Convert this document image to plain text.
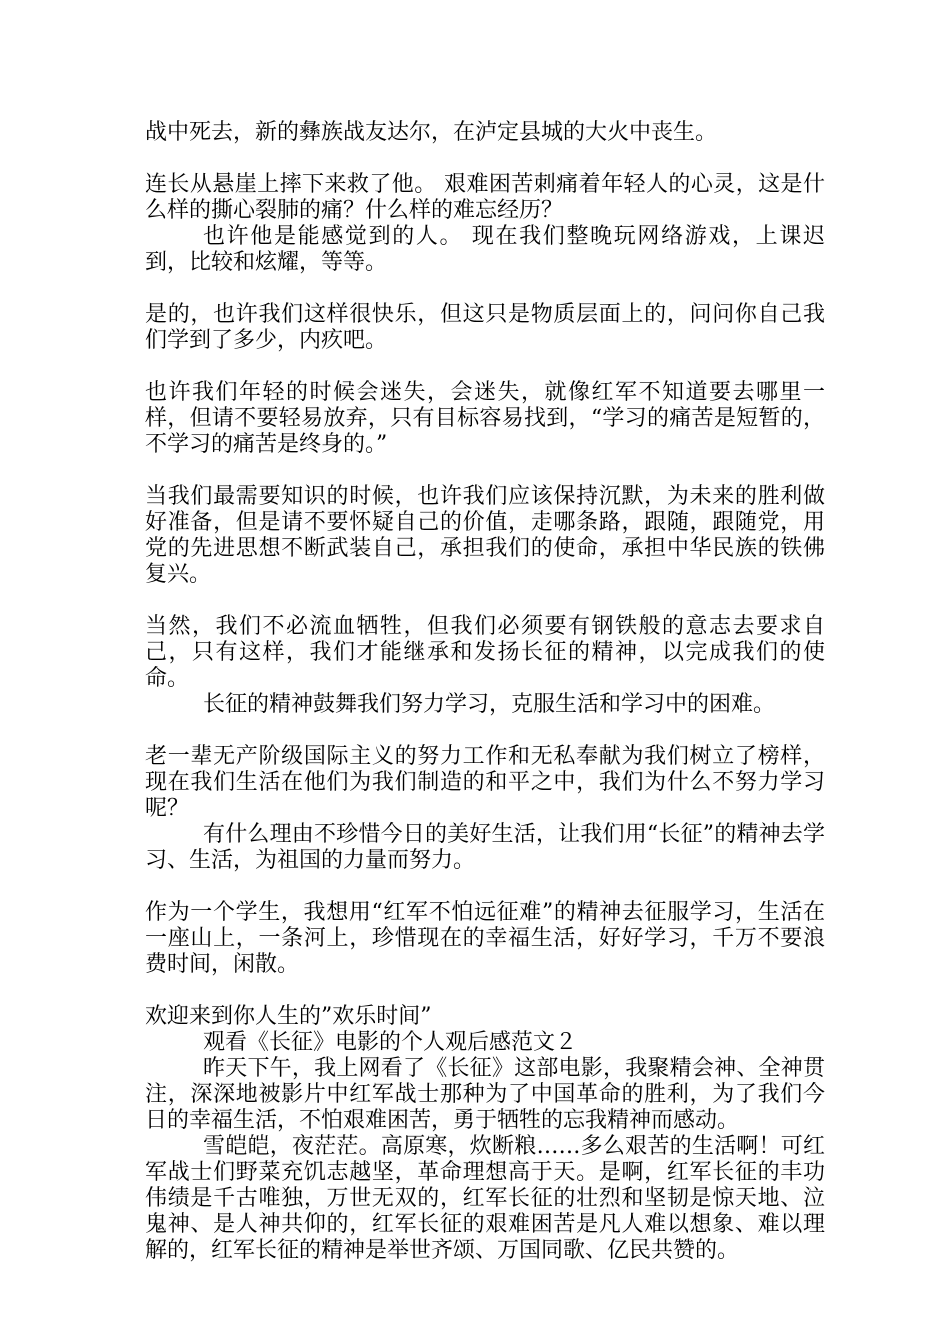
战中死去，新的彝族战友达尔，在泸定县城的大火中丧生。

连长从悬崖上摔下来救了他。 艰难困苦刺痛着年轻人的心灵，这是什么样的撕心裂肺的痛？什么样的难忘经历？

也许他是能感觉到的人。 现在我们整晚玩网络游戏，上课迟到，比较和炫耀，等等。

是的，也许我们这样很快乐，但这只是物质层面上的，问问你自己我们学到了多少，内疚吧。

也许我们年轻的时候会迷失，会迷失，就像红军不知道要去哪里一样，但请不要轻易放弃，只有目标容易找到，“学习的痛苦是短暂的，不学习的痛苦是终身的。”

当我们最需要知识的时候，也许我们应该保持沉默，为未来的胜利做好准备，但是请不要怀疑自己的价值，走哪条路，跟随，跟随党，用党的先进思想不断武装自己，承担我们的使命，承担中华民族的铁佛复兴。

当然，我们不必流血牺牲，但我们必须要有钢铁般的意志去要求自己，只有这样，我们才能继承和发扬长征的精神，以完成我们的使命。

长征的精神鼓舞我们努力学习，克服生活和学习中的困难。

老一辈无产阶级国际主义的努力工作和无私奉献为我们树立了榜样，现在我们生活在他们为我们制造的和平之中，我们为什么不努力学习呢？

有什么理由不珍惜今日的美好生活，让我们用“长征”的精神去学习、生活，为祖国的力量而努力。

作为一个学生，我想用“红军不怕远征难”的精神去征服学习，生活在一座山上，一条河上，珍惜现在的幸福生活，好好学习，千万不要浪费时间，闲散。

欢迎来到你人生的”欢乐时间”

观看《长征》电影的个人观后感范文２

昨天下午，我上网看了《长征》这部电影，我聚精会神、全神贯注，深深地被影片中红军战士那种为了中国革命的胜利，为了我们今日的幸福生活，不怕艰难困苦，勇于牺牲的忘我精神而感动。

雪皑皑，夜茫茫。高原寒，炊断粮……多么艰苦的生活啊！可红军战士们野菜充饥志越坚，革命理想高于天。是啊，红军长征的丰功伟绩是千古唯独，万世无双的，红军长征的壮烈和坚韧是惊天地、泣鬼神、是人神共仰的，红军长征的艰难困苦是凡人难以想象、难以理解的，红军长征的精神是举世齐颂、万国同歌、亿民共赞的。
